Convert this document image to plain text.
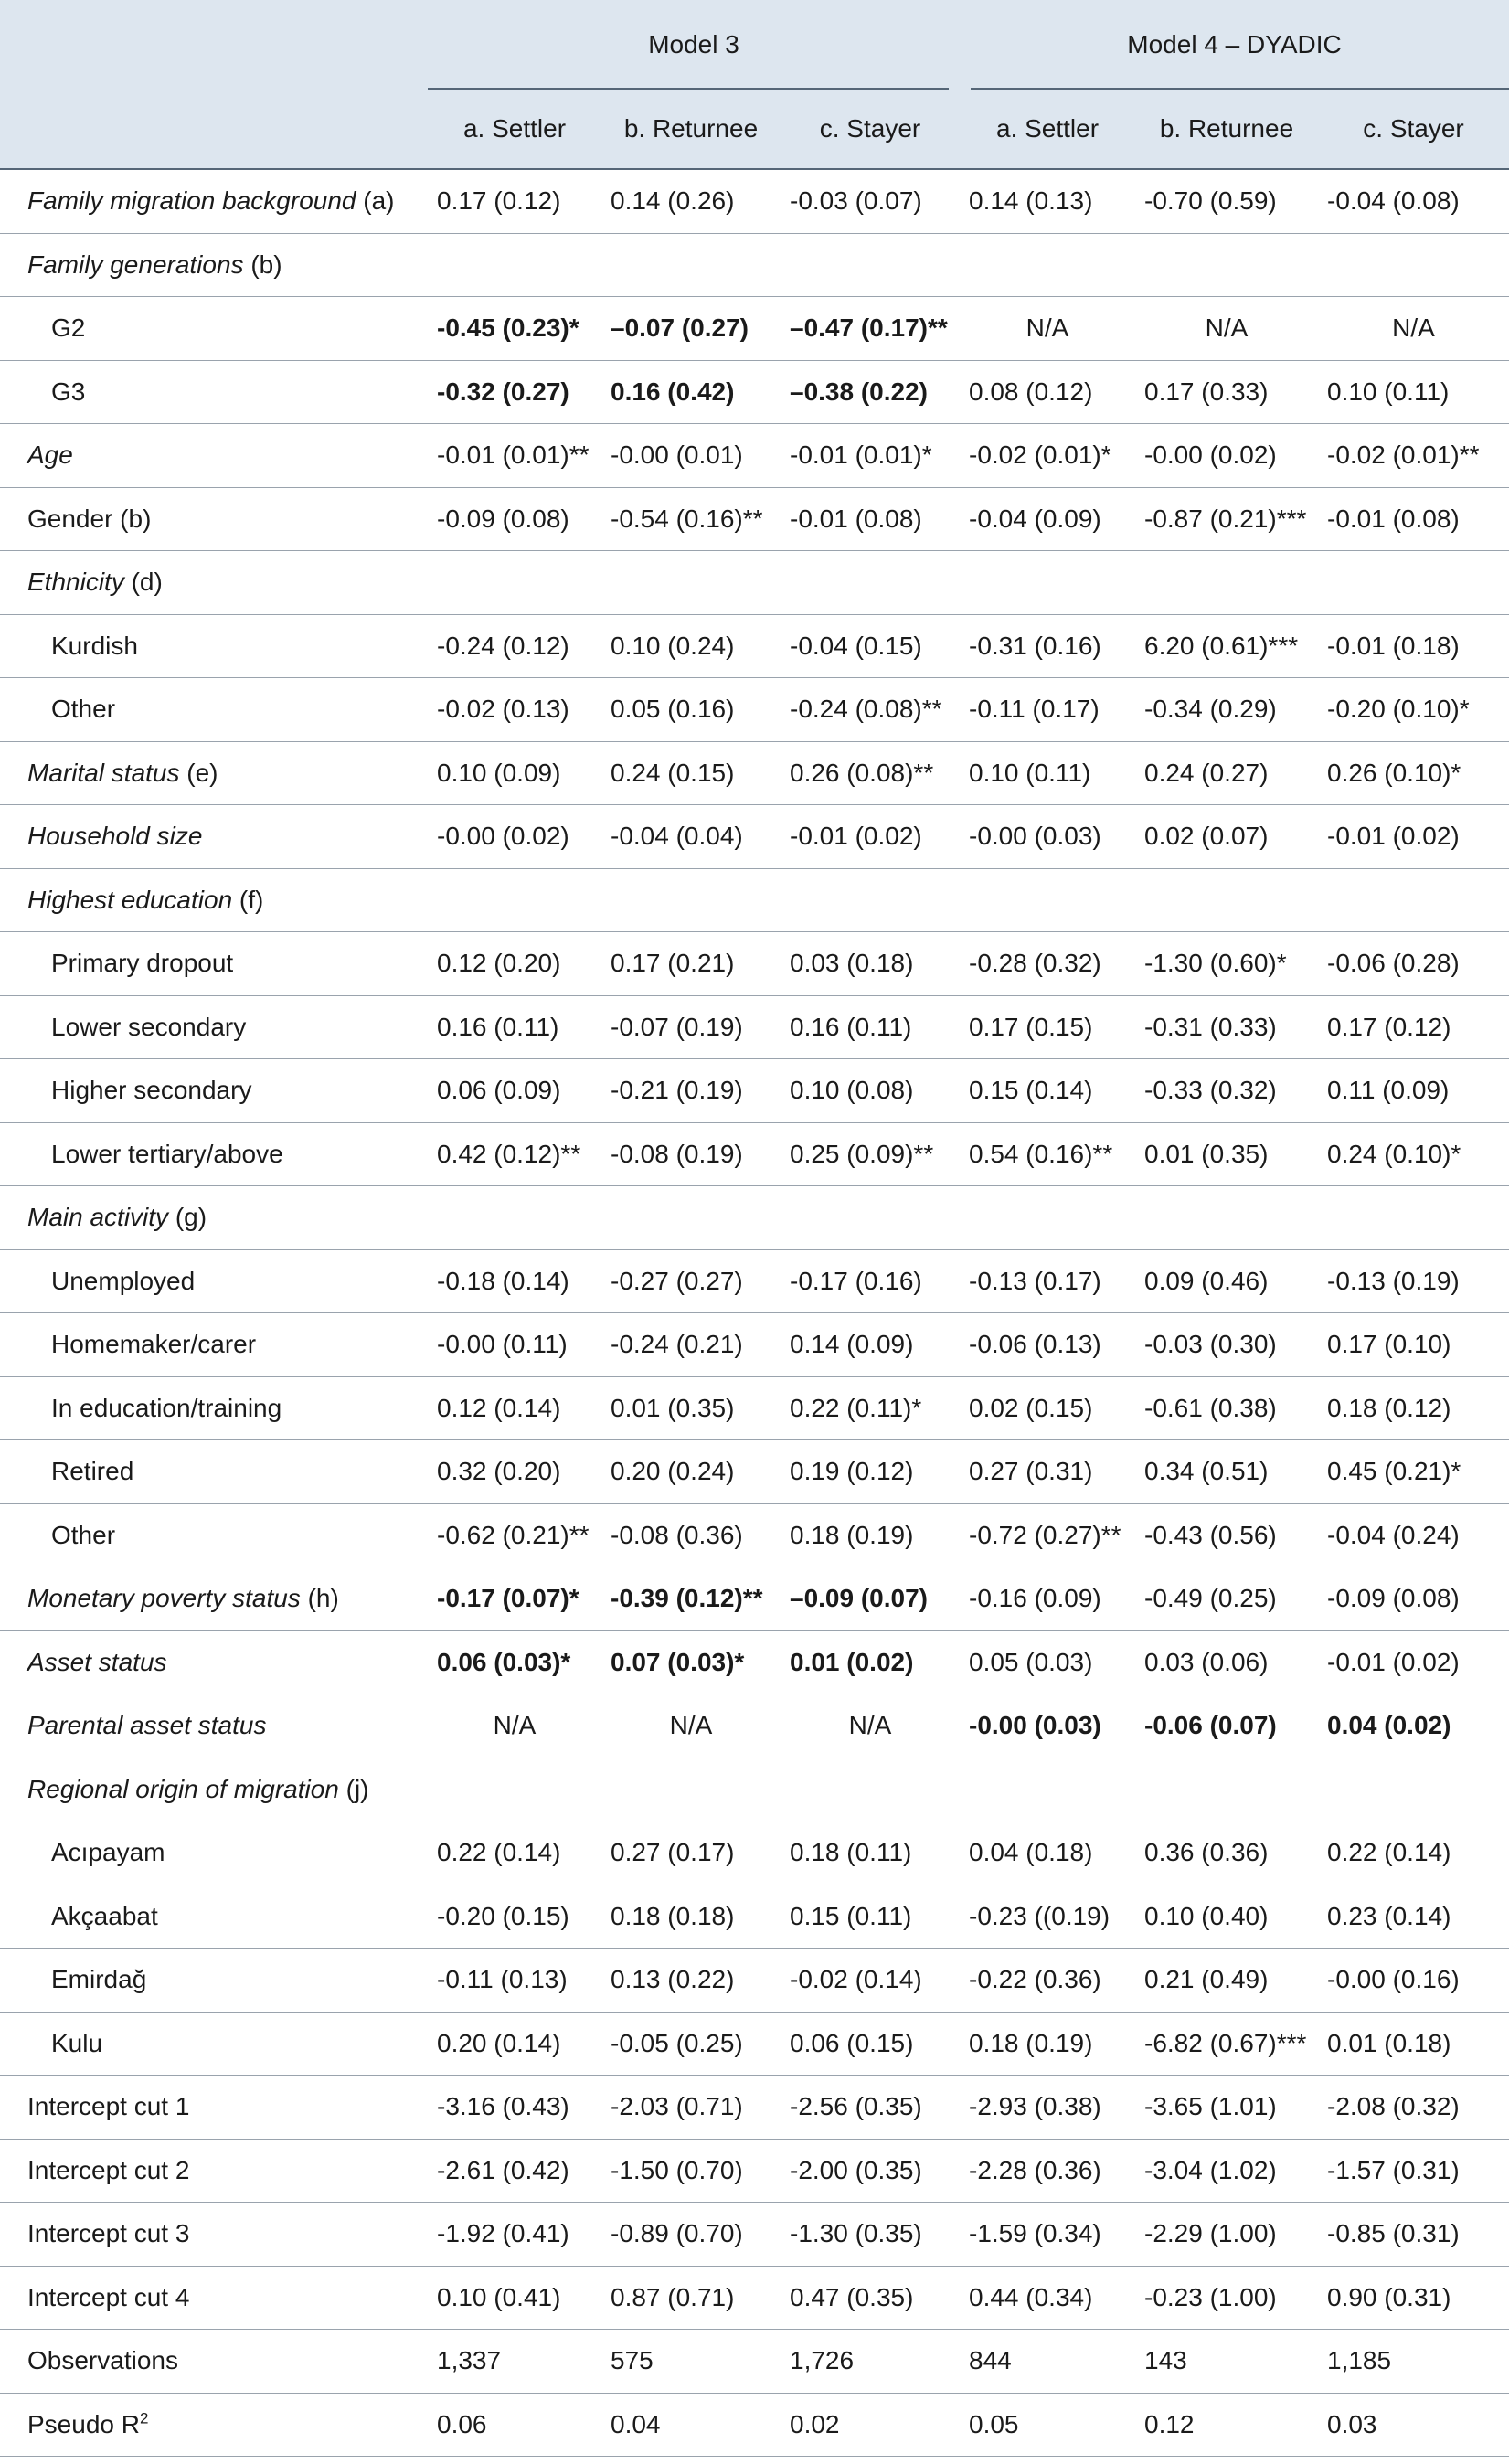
	Model 3			Model 4 – DYADIC		

	a. Settler	b. Returnee	c. Stayer	a. Settler	b. Returnee	c. Stayer
Family migration background (a)	0.17 (0.12)	0.14 (0.26)	-0.03 (0.07)	0.14 (0.13)	-0.70 (0.59)	-0.04 (0.08)
Family generations (b)						
G2	-0.45 (0.23)*	–0.07 (0.27)	–0.47 (0.17)**	N/A	N/A	N/A
G3	-0.32 (0.27)	0.16 (0.42)	–0.38 (0.22)	0.08 (0.12)	0.17 (0.33)	0.10 (0.11)
Age	-0.01 (0.01)**	-0.00 (0.01)	-0.01 (0.01)*	-0.02 (0.01)*	-0.00 (0.02)	-0.02 (0.01)**
Gender (b)	-0.09 (0.08)	-0.54 (0.16)**	-0.01 (0.08)	-0.04 (0.09)	-0.87 (0.21)***	-0.01 (0.08)
Ethnicity (d)						
Kurdish	-0.24 (0.12)	0.10 (0.24)	-0.04 (0.15)	-0.31 (0.16)	6.20 (0.61)***	-0.01 (0.18)
Other	-0.02 (0.13)	0.05 (0.16)	-0.24 (0.08)**	-0.11 (0.17)	-0.34 (0.29)	-0.20 (0.10)*
Marital status (e)	0.10 (0.09)	0.24 (0.15)	0.26 (0.08)**	0.10 (0.11)	0.24 (0.27)	0.26 (0.10)*
Household size	-0.00 (0.02)	-0.04 (0.04)	-0.01 (0.02)	-0.00 (0.03)	0.02 (0.07)	-0.01 (0.02)
Highest education (f)						
Primary dropout	0.12 (0.20)	0.17 (0.21)	0.03 (0.18)	-0.28 (0.32)	-1.30 (0.60)*	-0.06 (0.28)
Lower secondary	0.16 (0.11)	-0.07 (0.19)	0.16 (0.11)	0.17 (0.15)	-0.31 (0.33)	0.17 (0.12)
Higher secondary	0.06 (0.09)	-0.21 (0.19)	0.10 (0.08)	0.15 (0.14)	-0.33 (0.32)	0.11 (0.09)
Lower tertiary/above	0.42 (0.12)**	-0.08 (0.19)	0.25 (0.09)**	0.54 (0.16)**	0.01 (0.35)	0.24 (0.10)*
Main activity (g)						
Unemployed	-0.18 (0.14)	-0.27 (0.27)	-0.17 (0.16)	-0.13 (0.17)	0.09 (0.46)	-0.13 (0.19)
Homemaker/carer	-0.00 (0.11)	-0.24 (0.21)	0.14 (0.09)	-0.06 (0.13)	-0.03 (0.30)	0.17 (0.10)
In education/training	0.12 (0.14)	0.01 (0.35)	0.22 (0.11)*	0.02 (0.15)	-0.61 (0.38)	0.18 (0.12)
Retired	0.32 (0.20)	0.20 (0.24)	0.19 (0.12)	0.27 (0.31)	0.34 (0.51)	0.45 (0.21)*
Other	-0.62 (0.21)**	-0.08 (0.36)	0.18 (0.19)	-0.72 (0.27)**	-0.43 (0.56)	-0.04 (0.24)
Monetary poverty status (h)	-0.17 (0.07)*	-0.39 (0.12)**	–0.09 (0.07)	-0.16 (0.09)	-0.49 (0.25)	-0.09 (0.08)
Asset status	0.06 (0.03)*	0.07 (0.03)*	0.01 (0.02)	0.05 (0.03)	0.03 (0.06)	-0.01 (0.02)
Parental asset status	N/A	N/A	N/A	-0.00 (0.03)	-0.06 (0.07)	0.04 (0.02)
Regional origin of migration (j)						
Acıpayam	0.22 (0.14)	0.27 (0.17)	0.18 (0.11)	0.04 (0.18)	0.36 (0.36)	0.22 (0.14)
Akçaabat	-0.20 (0.15)	0.18 (0.18)	0.15 (0.11)	-0.23 ((0.19)	0.10 (0.40)	0.23 (0.14)
Emirdağ	-0.11 (0.13)	0.13 (0.22)	-0.02 (0.14)	-0.22 (0.36)	0.21 (0.49)	-0.00 (0.16)
Kulu	0.20 (0.14)	-0.05 (0.25)	0.06 (0.15)	0.18 (0.19)	-6.82 (0.67)***	0.01 (0.18)
Intercept cut 1	-3.16 (0.43)	-2.03 (0.71)	-2.56 (0.35)	-2.93 (0.38)	-3.65 (1.01)	-2.08 (0.32)
Intercept cut 2	-2.61 (0.42)	-1.50 (0.70)	-2.00 (0.35)	-2.28 (0.36)	-3.04 (1.02)	-1.57 (0.31)
Intercept cut 3	-1.92 (0.41)	-0.89 (0.70)	-1.30 (0.35)	-1.59 (0.34)	-2.29 (1.00)	-0.85 (0.31)
Intercept cut 4	0.10 (0.41)	0.87 (0.71)	0.47 (0.35)	0.44 (0.34)	-0.23 (1.00)	0.90 (0.31)
Observations	1,337	575	1,726	844	143	1,185
Pseudo $R^2$	0.06	0.04	0.02	0.05	0.12	0.03
